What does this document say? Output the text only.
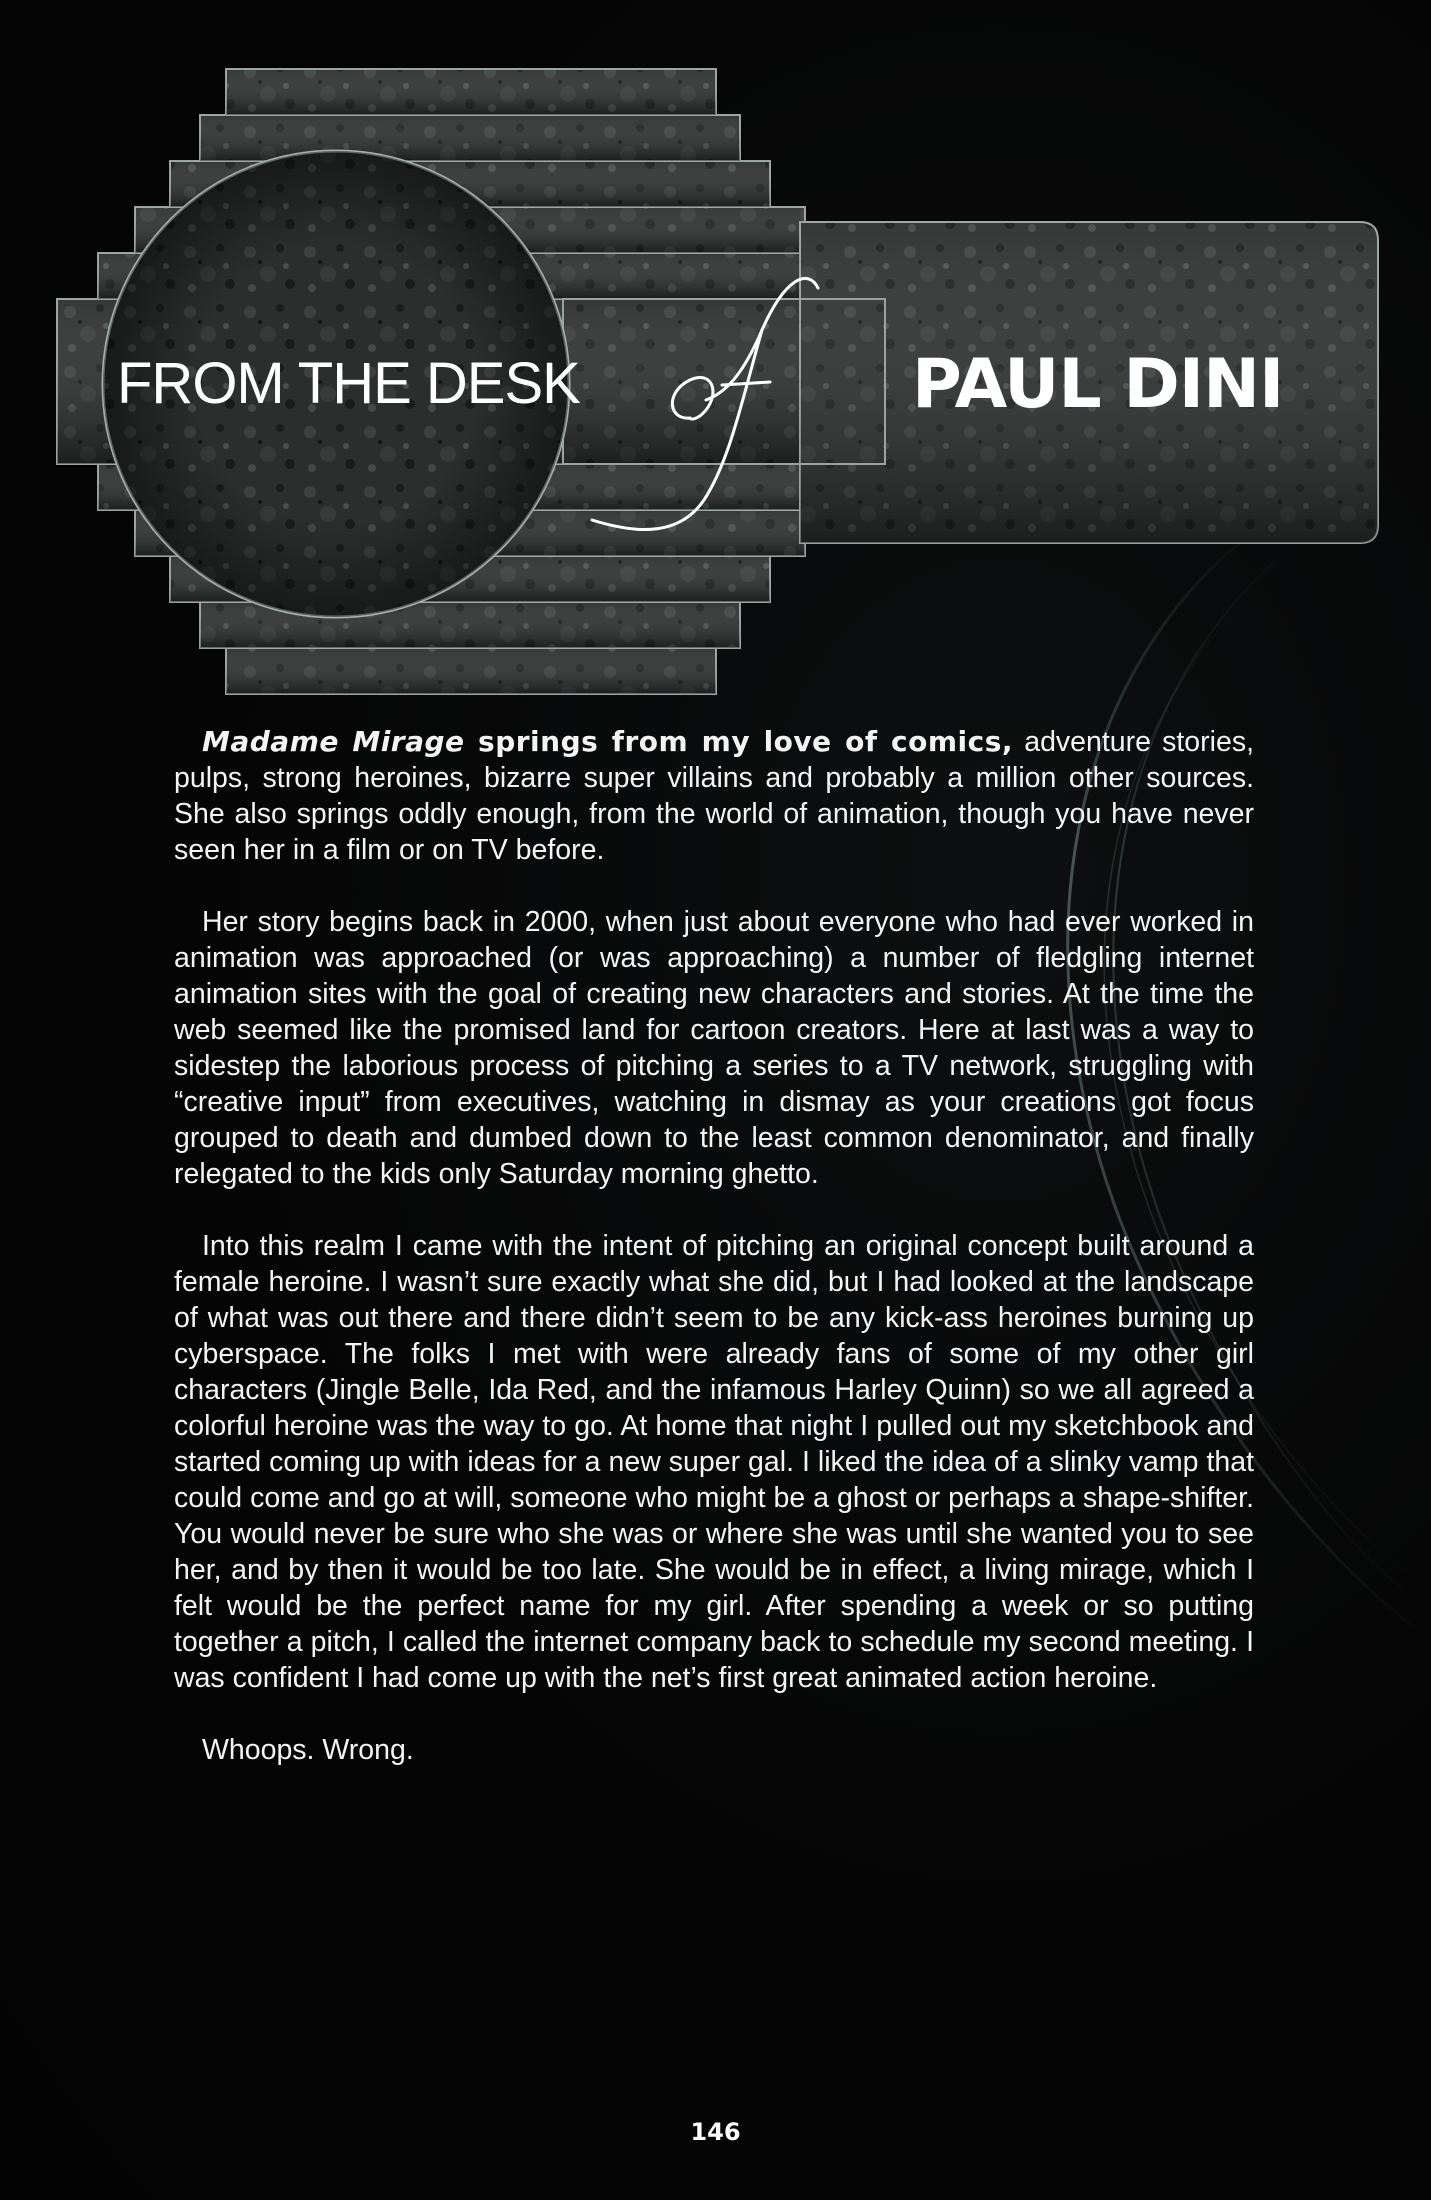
FROM THE DESK	PAUL DINI

Madame Mirage springs from my love of comics, adventure stories, pulps, strong heroines, bizarre super villains and probably a million other sources. She also springs oddly enough, from the world of animation, though you have never seen her in a film or on TV before.

Her story begins back in 2000, when just about everyone who had ever worked in animation was approached (or was approaching) a number of fledgling internet animation sites with the goal of creating new characters and stories. At the time the web seemed like the promised land for cartoon creators. Here at last was a way to sidestep the laborious process of pitching a series to a TV network, struggling with “creative input” from executives, watching in dismay as your creations got focus grouped to death and dumbed down to the least common denominator, and finally relegated to the kids only Saturday morning ghetto.

Into this realm I came with the intent of pitching an original concept built around a female heroine. I wasn’t sure exactly what she did, but I had looked at the landscape of what was out there and there didn’t seem to be any kick-ass heroines burning up cyberspace. The folks I met with were already fans of some of my other girl characters (Jingle Belle, Ida Red, and the infamous Harley Quinn) so we all agreed a colorful heroine was the way to go. At home that night I pulled out my sketchbook and started coming up with ideas for a new super gal. I liked the idea of a slinky vamp that could come and go at will, someone who might be a ghost or perhaps a shape-shifter. You would never be sure who she was or where she was until she wanted you to see her, and by then it would be too late. She would be in effect, a living mirage, which I felt would be the perfect name for my girl. After spending a week or so putting together a pitch, I called the internet company back to schedule my second meeting. I was confident I had come up with the net’s first great animated action heroine.

Whoops. Wrong.

146
